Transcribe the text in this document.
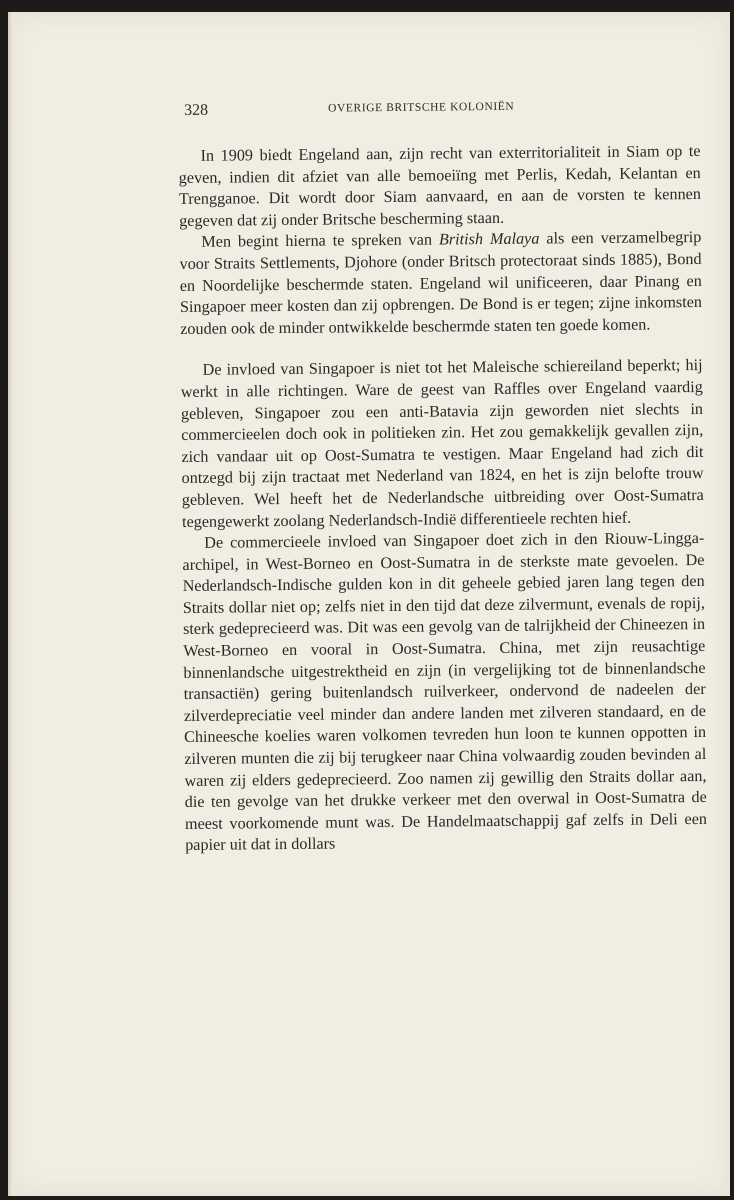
328	OVERIGE BRITSCHE KOLONIËN

In 1909 biedt Engeland aan, zijn recht van exterritorialiteit in Siam op te geven, indien dit afziet van alle bemoeiïng met Perlis, Kedah, Kelantan en Trengganoe. Dit wordt door Siam aanvaard, en aan de vorsten te kennen gegeven dat zij onder Britsche bescherming staan.

Men begint hierna te spreken van British Malaya als een verzamelbegrip voor Straits Settlements, Djohore (onder Britsch protectoraat sinds 1885), Bond en Noordelijke beschermde staten. Engeland wil unificeeren, daar Pinang en Singapoer meer kosten dan zij opbrengen. De Bond is er tegen; zijne inkomsten zouden ook de minder ontwikkelde beschermde staten ten goede komen.

De invloed van Singapoer is niet tot het Maleische schiereiland beperkt; hij werkt in alle richtingen. Ware de geest van Raffles over Engeland vaardig gebleven, Singapoer zou een anti-Batavia zijn geworden niet slechts in commercieelen doch ook in politieken zin. Het zou gemakkelijk gevallen zijn, zich vandaar uit op Oost-Sumatra te vestigen. Maar Engeland had zich dit ontzegd bij zijn tractaat met Nederland van 1824, en het is zijn belofte trouw gebleven. Wel heeft het de Nederlandsche uitbreiding over Oost-Sumatra tegengewerkt zoolang Nederlandsch-Indië differentieele rechten hief.

De commercieele invloed van Singapoer doet zich in den Riouw-Lingga-archipel, in West-Borneo en Oost-Sumatra in de sterkste mate gevoelen. De Nederlandsch-Indische gulden kon in dit geheele gebied jaren lang tegen den Straits dollar niet op; zelfs niet in den tijd dat deze zilvermunt, evenals de ropij, sterk gedeprecieerd was. Dit was een gevolg van de talrijkheid der Chineezen in West-Borneo en vooral in Oost-Sumatra. China, met zijn reusachtige binnenlandsche uitgestrektheid en zijn (in vergelijking tot de binnenlandsche transactiën) gering buitenlandsch ruilverkeer, ondervond de nadeelen der zilverdepreciatie veel minder dan andere landen met zilveren standaard, en de Chineesche koelies waren volkomen tevreden hun loon te kunnen oppotten in zilveren munten die zij bij terugkeer naar China volwaardig zouden bevinden al waren zij elders gedeprecieerd. Zoo namen zij gewillig den Straits dollar aan, die ten gevolge van het drukke verkeer met den overwal in Oost-Sumatra de meest voorkomende munt was. De Handelmaatschappij gaf zelfs in Deli een papier uit dat in dollars
